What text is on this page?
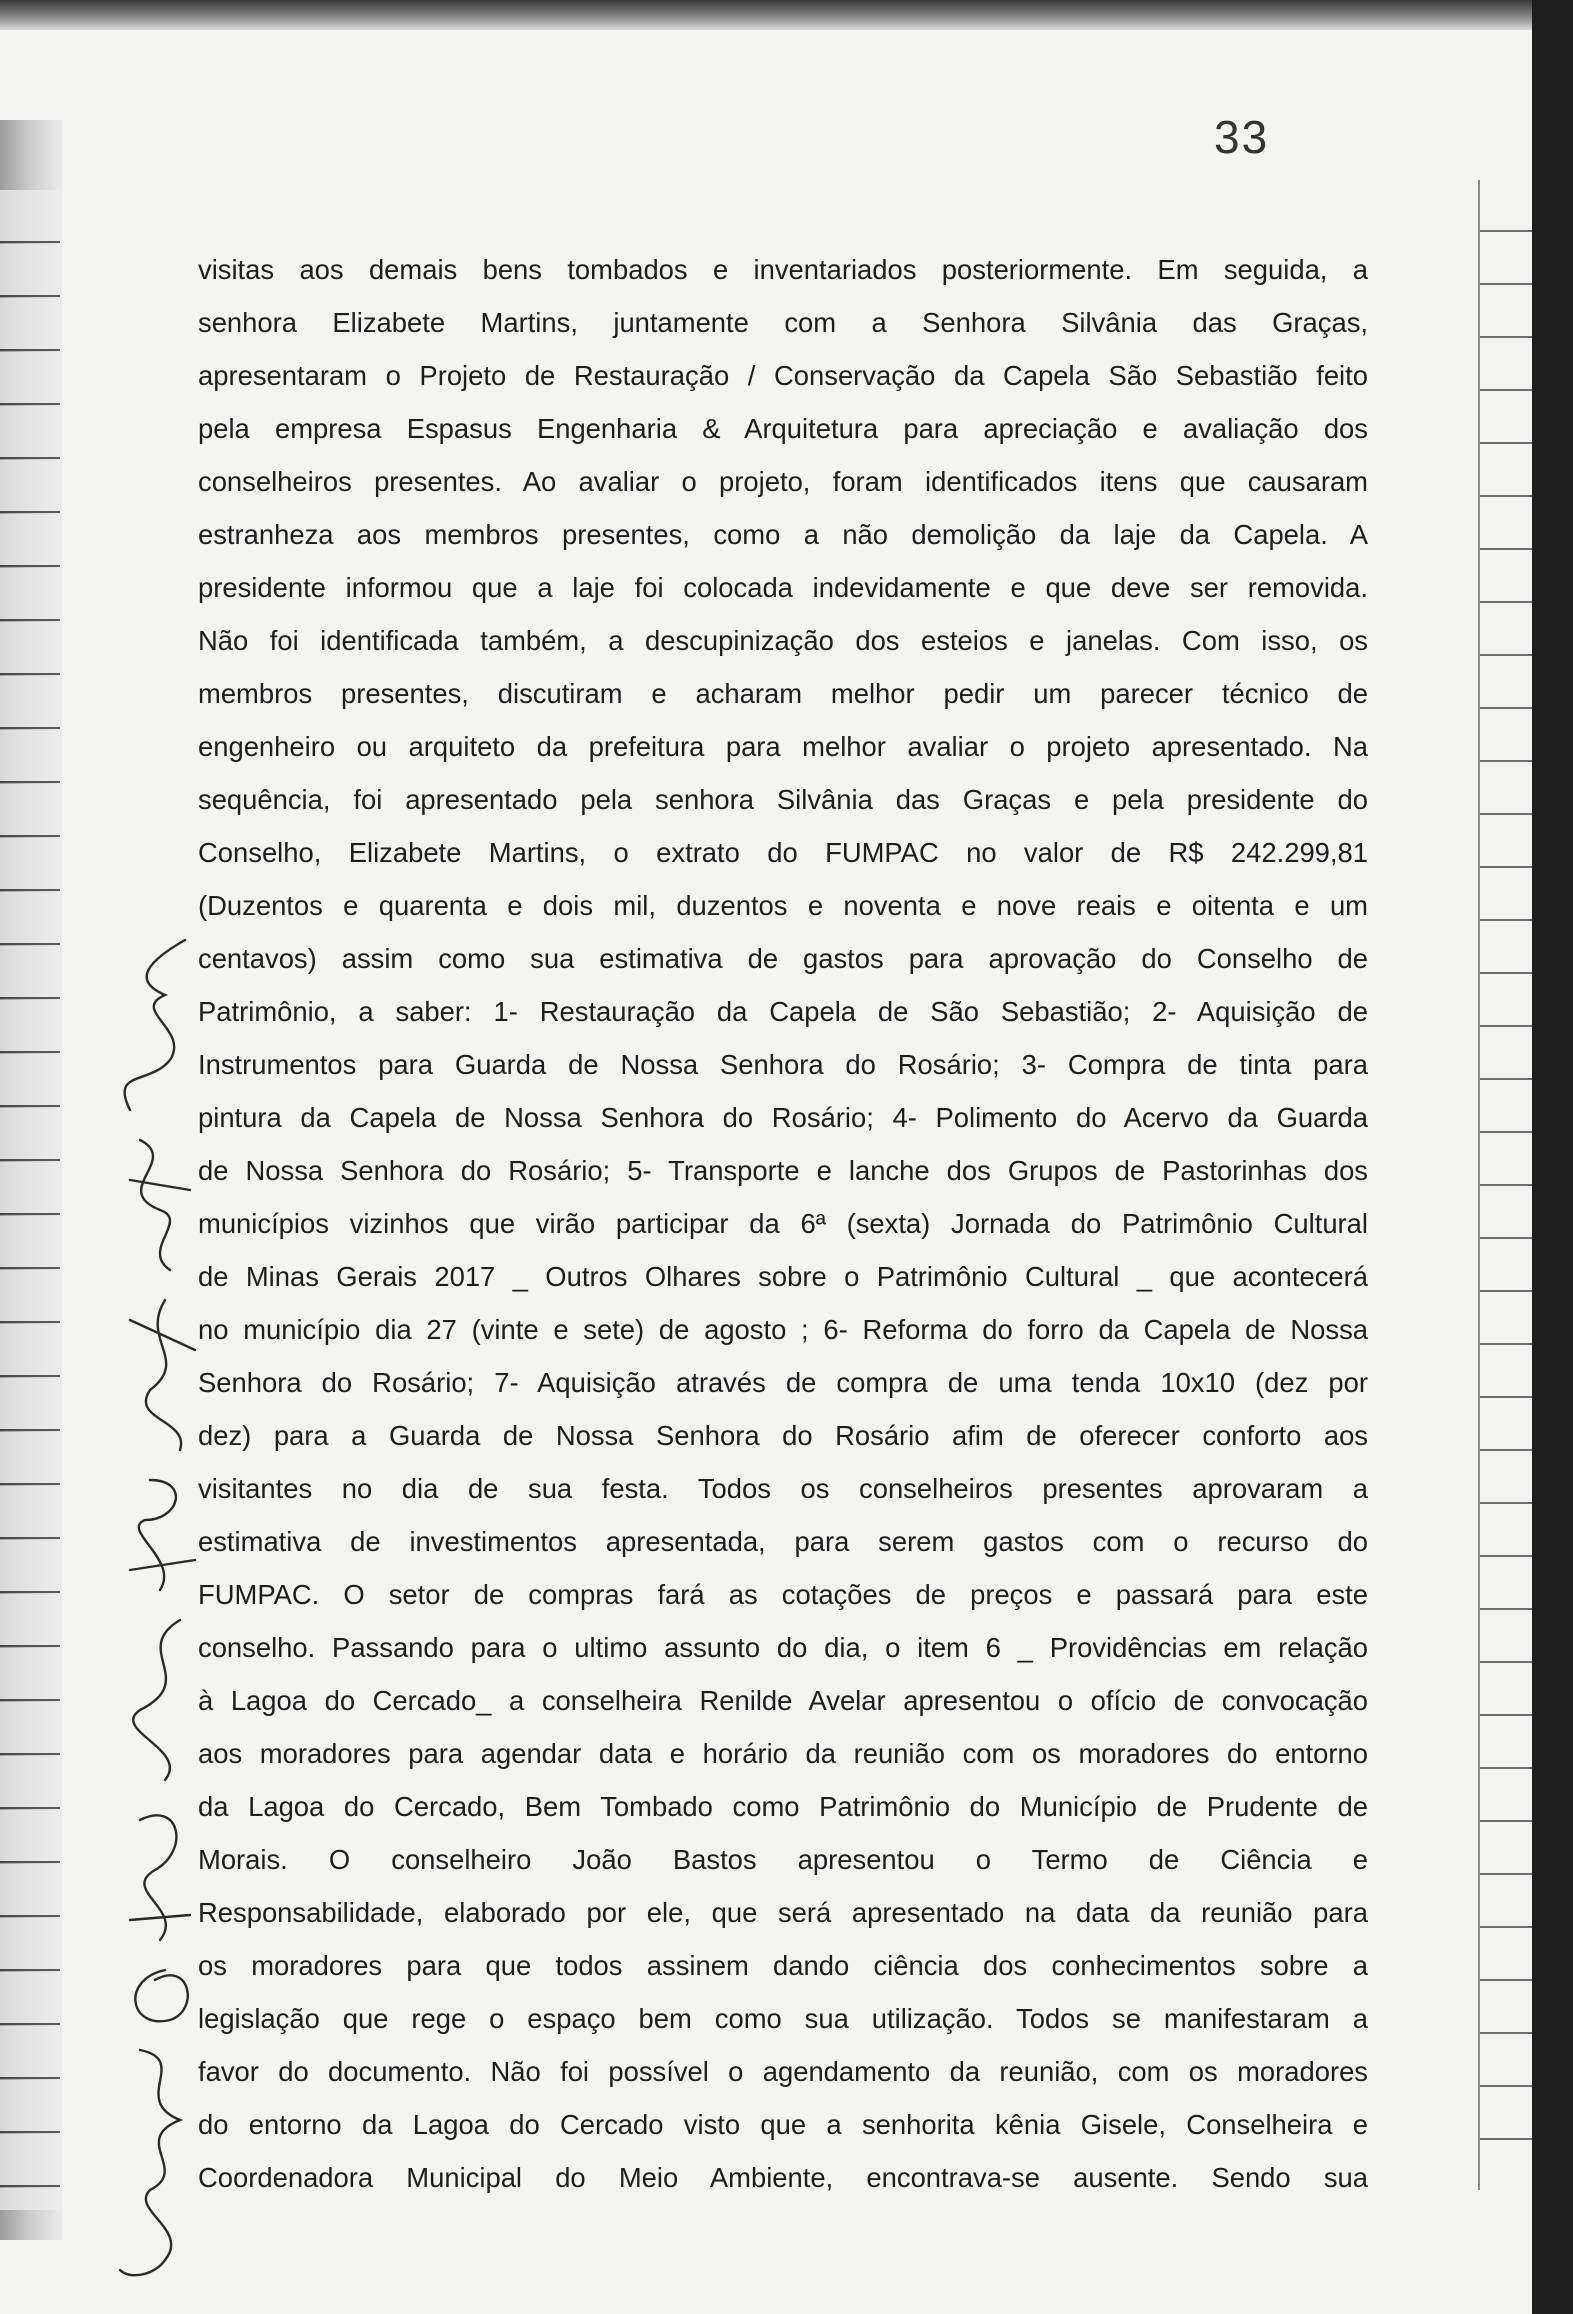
33
visitas aos demais bens tombados e inventariados posteriormente. Em seguida, a
senhora Elizabete Martins, juntamente com a Senhora Silvânia das Graças,
apresentaram o Projeto de Restauração / Conservação da Capela São Sebastião feito
pela empresa Espasus Engenharia & Arquitetura para apreciação e avaliação dos
conselheiros presentes. Ao avaliar o projeto, foram identificados itens que causaram
estranheza aos membros presentes, como a não demolição da laje da Capela. A
presidente informou que a laje foi colocada indevidamente e que deve ser removida.
Não foi identificada também, a descupinização dos esteios e janelas. Com isso, os
membros presentes, discutiram e acharam melhor pedir um parecer técnico de
engenheiro ou arquiteto da prefeitura para melhor avaliar o projeto apresentado. Na
sequência, foi apresentado pela senhora Silvânia das Graças e pela presidente do
Conselho, Elizabete Martins, o extrato do FUMPAC no valor de R$ 242.299,81
(Duzentos e quarenta e dois mil, duzentos e noventa e nove reais e oitenta e um
centavos) assim como sua estimativa de gastos para aprovação do Conselho de
Patrimônio, a saber: 1- Restauração da Capela de São Sebastião; 2- Aquisição de
Instrumentos para Guarda de Nossa Senhora do Rosário; 3- Compra de tinta para
pintura da Capela de Nossa Senhora do Rosário; 4- Polimento do Acervo da Guarda
de Nossa Senhora do Rosário; 5- Transporte e lanche dos Grupos de Pastorinhas dos
municípios vizinhos que virão participar da 6ª (sexta) Jornada do Patrimônio Cultural
de Minas Gerais 2017 _ Outros Olhares sobre o Patrimônio Cultural _ que acontecerá
no município dia 27 (vinte e sete) de agosto ; 6- Reforma do forro da Capela de Nossa
Senhora do Rosário; 7- Aquisição através de compra de uma tenda 10x10 (dez por
dez) para a Guarda de Nossa Senhora do Rosário afim de oferecer conforto aos
visitantes no dia de sua festa. Todos os conselheiros presentes aprovaram a
estimativa de investimentos apresentada, para serem gastos com o recurso do
FUMPAC. O setor de compras fará as cotações de preços e passará para este
conselho. Passando para o ultimo assunto do dia, o item 6 _ Providências em relação
à Lagoa do Cercado_ a conselheira Renilde Avelar apresentou o ofício de convocação
aos moradores para agendar data e horário da reunião com os moradores do entorno
da Lagoa do Cercado, Bem Tombado como Patrimônio do Município de Prudente de
Morais. O conselheiro João Bastos apresentou o Termo de Ciência e
Responsabilidade, elaborado por ele, que será apresentado na data da reunião para
os moradores para que todos assinem dando ciência dos conhecimentos sobre a
legislação que rege o espaço bem como sua utilização. Todos se manifestaram a
favor do documento. Não foi possível o agendamento da reunião, com os moradores
do entorno da Lagoa do Cercado visto que a senhorita kênia Gisele, Conselheira e
Coordenadora Municipal do Meio Ambiente, encontrava-se ausente. Sendo sua
